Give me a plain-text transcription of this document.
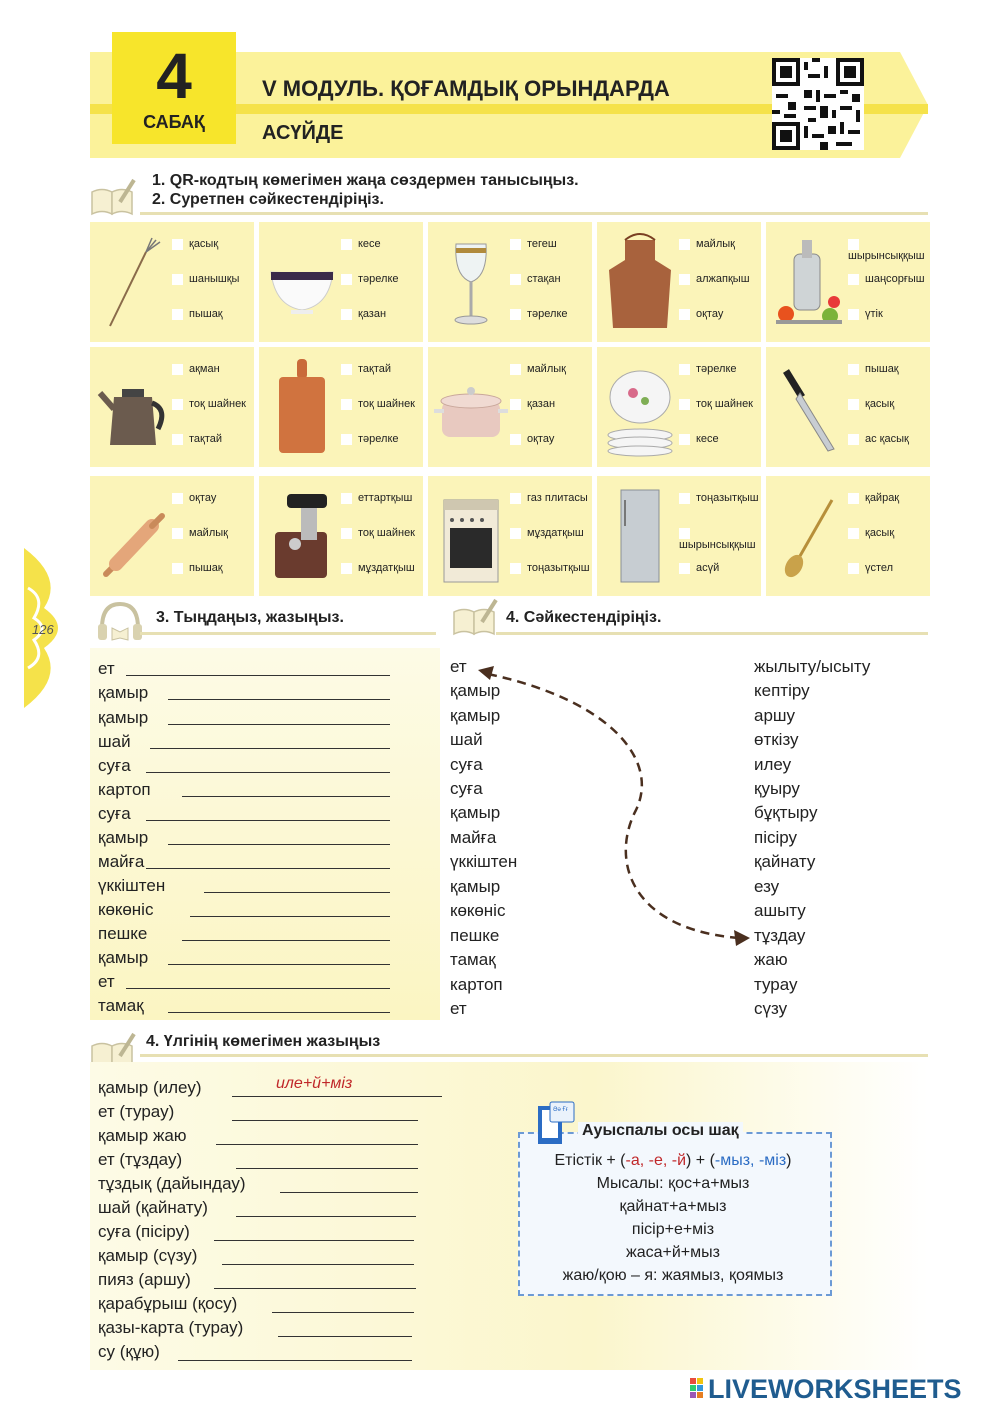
4
САБАҚ
V МОДУЛЬ. ҚОҒАМДЫҚ ОРЫНДАРДА
АСҮЙДЕ
1. QR-кодтың көмегімен жаңа сөздермен танысыңыз.
2. Суретпен сәйкестендіріңіз.
қасық
шанышқы
пышақ
кесе
тәрелке
қазан
тегеш
стақан
тәрелке
майлық
алжапқыш
оқтау
шырынсыққыш
шаңсорғыш
үтік
ақман
тоқ шайнек
тақтай
тақтай
тоқ шайнек
тәрелке
майлық
қазан
оқтау
тәрелке
тоқ шайнек
кесе
пышақ
қасық
ас қасық
оқтау
майлық
пышақ
еттартқыш
тоқ шайнек
мұздатқыш
газ плитасы
мұздатқыш
тоңазытқыш
тоңазытқыш
шырынсыққыш
асүй
қайрақ
қасық
үстел
126
3. Тыңдаңыз, жазыңыз.
ет
қамыр
қамыр
шай
суға
картоп
суға
қамыр
майға
үккіштен
көкөніс
пешке
қамыр
ет
тамақ
4. Сәйкестендіріңіз.
ет
қамыр
қамыр
шай
суға
суға
қамыр
майға
үккіштен
қамыр
көкөніс
пешке
тамақ
картоп
ет
жылыту/ысыту
кептіру
аршу
өткізу
илеу
қуыру
бұқтыру
пісіру
қайнату
езу
ашыту
тұздау
жаю
турау
сүзу
4. Үлгінің көмегімен жазыңыз
қамыр (илеу)	иле+й+міз
ет (турау)
қамыр жаю
ет (тұздау)
тұздық (дайындау)
шай (қайнату)
суға (пісіру)
қамыр (сүзу)
пияз (аршу)
қарабұрыш (қосу)
қазы-карта (турау)
су (құю)
Әә Ғғ
Ауыспалы осы шақ
Етістік + (-а, -е, -й) + (-мыз, -міз)
Мысалы: қос+а+мыз
қайнат+а+мыз
пісір+е+міз
жаса+й+мыз
жаю/қою – я: жаямыз, қоямыз
LIVEWORKSHEETS
